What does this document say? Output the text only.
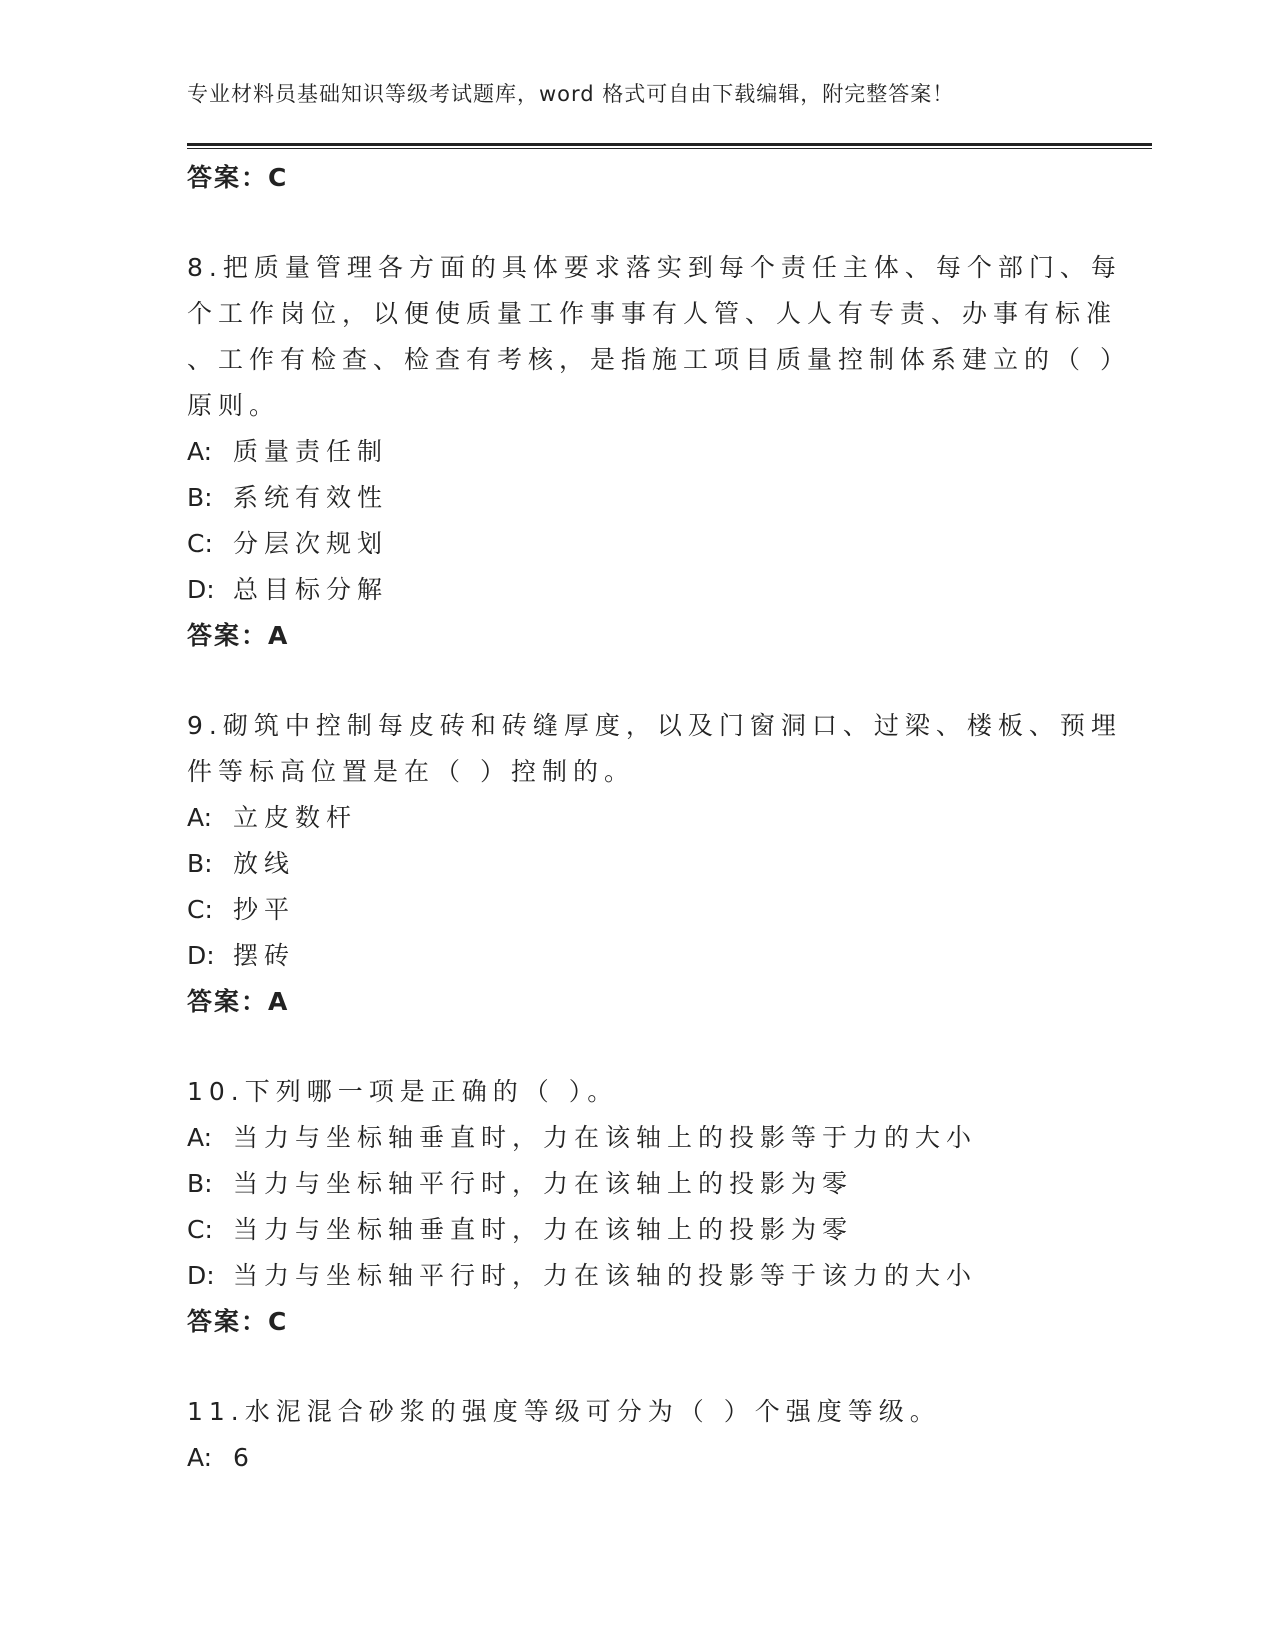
专业材料员基础知识等级考试题库，word 格式可自由下载编辑，附完整答案！
答案：C
8.把质量管理各方面的具体要求落实到每个责任主体、每个部门、每
个工作岗位，以便使质量工作事事有人管、人人有专责、办事有标准
、工作有检查、检查有考核，是指施工项目质量控制体系建立的（ ）
原则。
A: 质量责任制
B: 系统有效性
C: 分层次规划
D: 总目标分解
答案：A
9.砌筑中控制每皮砖和砖缝厚度，以及门窗洞口、过梁、楼板、预埋
件等标高位置是在（ ）控制的。
A: 立皮数杆
B: 放线
C: 抄平
D: 摆砖
答案：A
10.下列哪一项是正确的（ ）。
A: 当力与坐标轴垂直时，力在该轴上的投影等于力的大小
B: 当力与坐标轴平行时，力在该轴上的投影为零
C: 当力与坐标轴垂直时，力在该轴上的投影为零
D: 当力与坐标轴平行时，力在该轴的投影等于该力的大小
答案：C
11.水泥混合砂浆的强度等级可分为（ ）个强度等级。
A: 6
